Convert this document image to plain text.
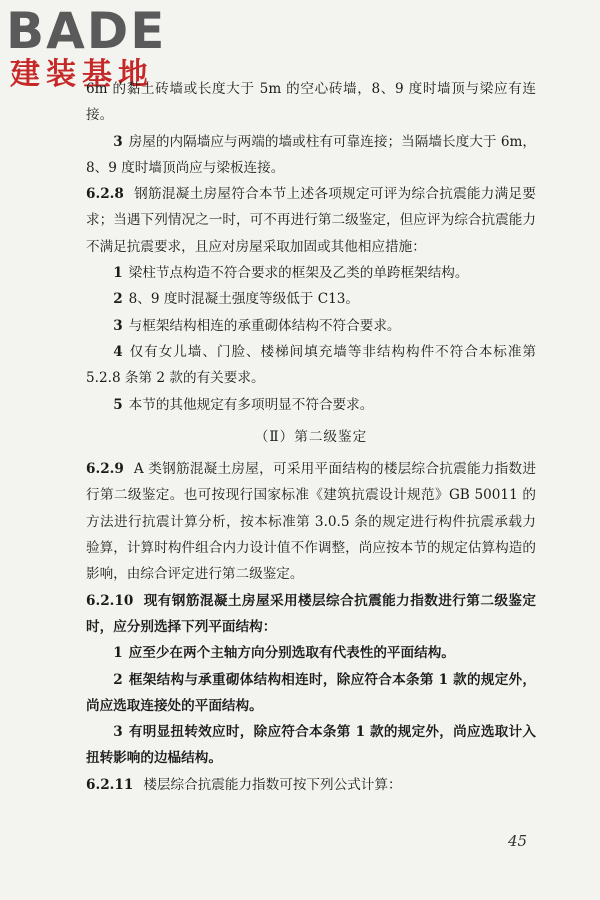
BADE
建装基地

6m 的黏土砖墙或长度大于 5m 的空心砖墙，8、9 度时墙顶与梁应有连接。

3 房屋的内隔墙应与两端的墙或柱有可靠连接；当隔墙长度大于 6m，8、9 度时墙顶尚应与梁板连接。

6.2.8 钢筋混凝土房屋符合本节上述各项规定可评为综合抗震能力满足要求；当遇下列情况之一时，可不再进行第二级鉴定，但应评为综合抗震能力不满足抗震要求，且应对房屋采取加固或其他相应措施：

1 梁柱节点构造不符合要求的框架及乙类的单跨框架结构。

2 8、9 度时混凝土强度等级低于 C13。

3 与框架结构相连的承重砌体结构不符合要求。

4 仅有女儿墙、门脸、楼梯间填充墙等非结构构件不符合本标准第 5.2.8 条第 2 款的有关要求。

5 本节的其他规定有多项明显不符合要求。

（Ⅱ）第二级鉴定

6.2.9 A 类钢筋混凝土房屋，可采用平面结构的楼层综合抗震能力指数进行第二级鉴定。也可按现行国家标准《建筑抗震设计规范》GB 50011 的方法进行抗震计算分析，按本标准第 3.0.5 条的规定进行构件抗震承载力验算，计算时构件组合内力设计值不作调整，尚应按本节的规定估算构造的影响，由综合评定进行第二级鉴定。

6.2.10 现有钢筋混凝土房屋采用楼层综合抗震能力指数进行第二级鉴定时，应分别选择下列平面结构：

1 应至少在两个主轴方向分别选取有代表性的平面结构。

2 框架结构与承重砌体结构相连时，除应符合本条第 1 款的规定外，尚应选取连接处的平面结构。

3 有明显扭转效应时，除应符合本条第 1 款的规定外，尚应选取计入扭转影响的边榀结构。

6.2.11 楼层综合抗震能力指数可按下列公式计算：

45
